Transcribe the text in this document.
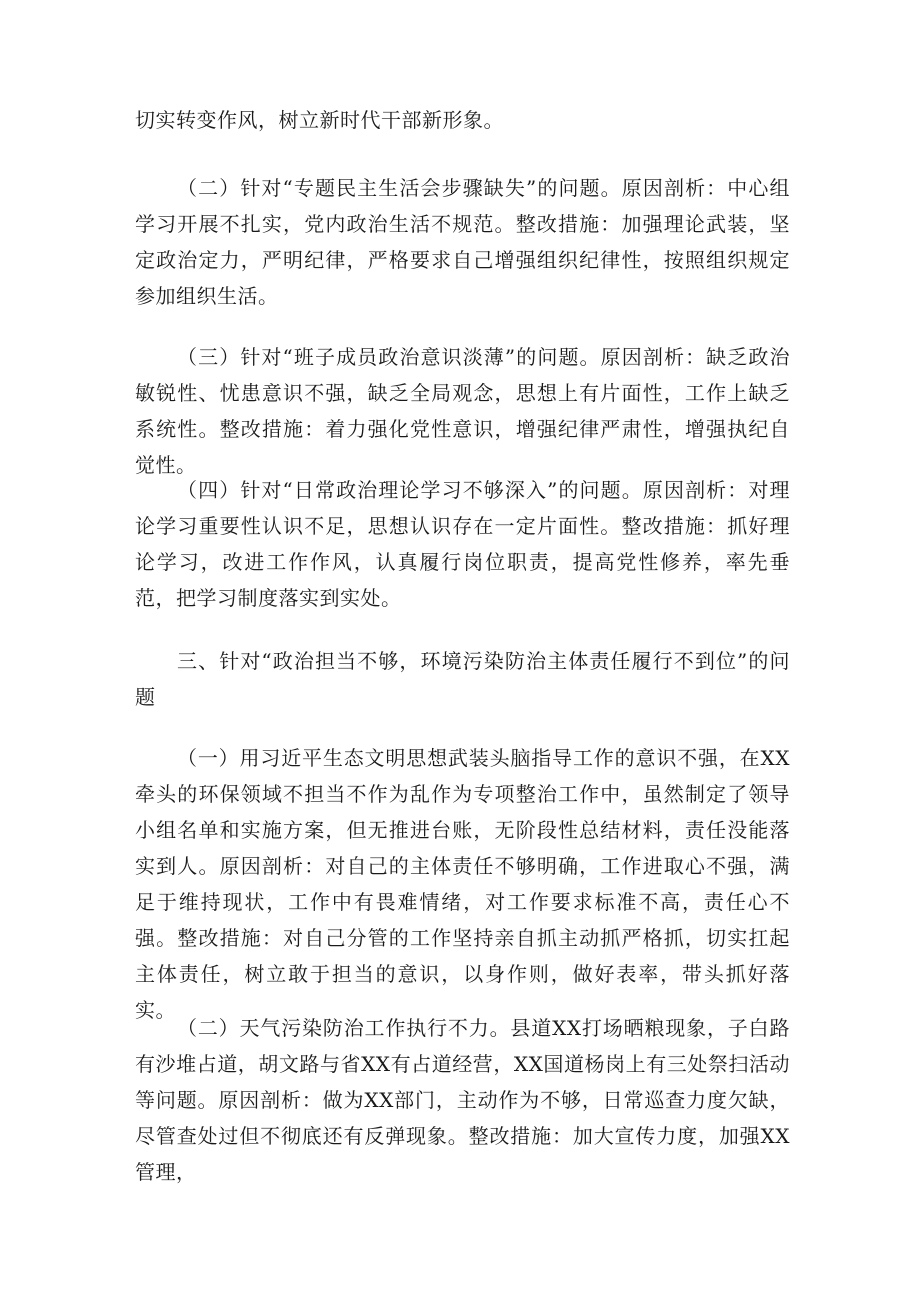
切实转变作风，树立新时代干部新形象。

（二）针对“专题民主生活会步骤缺失”的问题。原因剖析：中心组学习开展不扎实，党内政治生活不规范。整改措施：加强理论武装，坚定政治定力，严明纪律，严格要求自己增强组织纪律性，按照组织规定参加组织生活。

（三）针对“班子成员政治意识淡薄”的问题。原因剖析：缺乏政治敏锐性、忧患意识不强，缺乏全局观念，思想上有片面性，工作上缺乏系统性。整改措施：着力强化党性意识，增强纪律严肃性，增强执纪自觉性。

（四）针对“日常政治理论学习不够深入”的问题。原因剖析：对理论学习重要性认识不足，思想认识存在一定片面性。整改措施：抓好理论学习，改进工作作风，认真履行岗位职责，提高党性修养，率先垂范，把学习制度落实到实处。

三、针对“政治担当不够，环境污染防治主体责任履行不到位”的问题

（一）用习近平生态文明思想武装头脑指导工作的意识不强，在XX牵头的环保领域不担当不作为乱作为专项整治工作中，虽然制定了领导小组名单和实施方案，但无推进台账，无阶段性总结材料，责任没能落实到人。原因剖析：对自己的主体责任不够明确，工作进取心不强，满足于维持现状，工作中有畏难情绪，对工作要求标准不高，责任心不强。整改措施：对自己分管的工作坚持亲自抓主动抓严格抓，切实扛起主体责任，树立敢于担当的意识，以身作则，做好表率，带头抓好落实。

（二）天气污染防治工作执行不力。县道XX打场晒粮现象，子白路有沙堆占道，胡文路与省XX有占道经营，XX国道杨岗上有三处祭扫活动等问题。原因剖析：做为XX部门，主动作为不够，日常巡查力度欠缺，尽管查处过但不彻底还有反弹现象。整改措施：加大宣传力度，加强XX管理，
